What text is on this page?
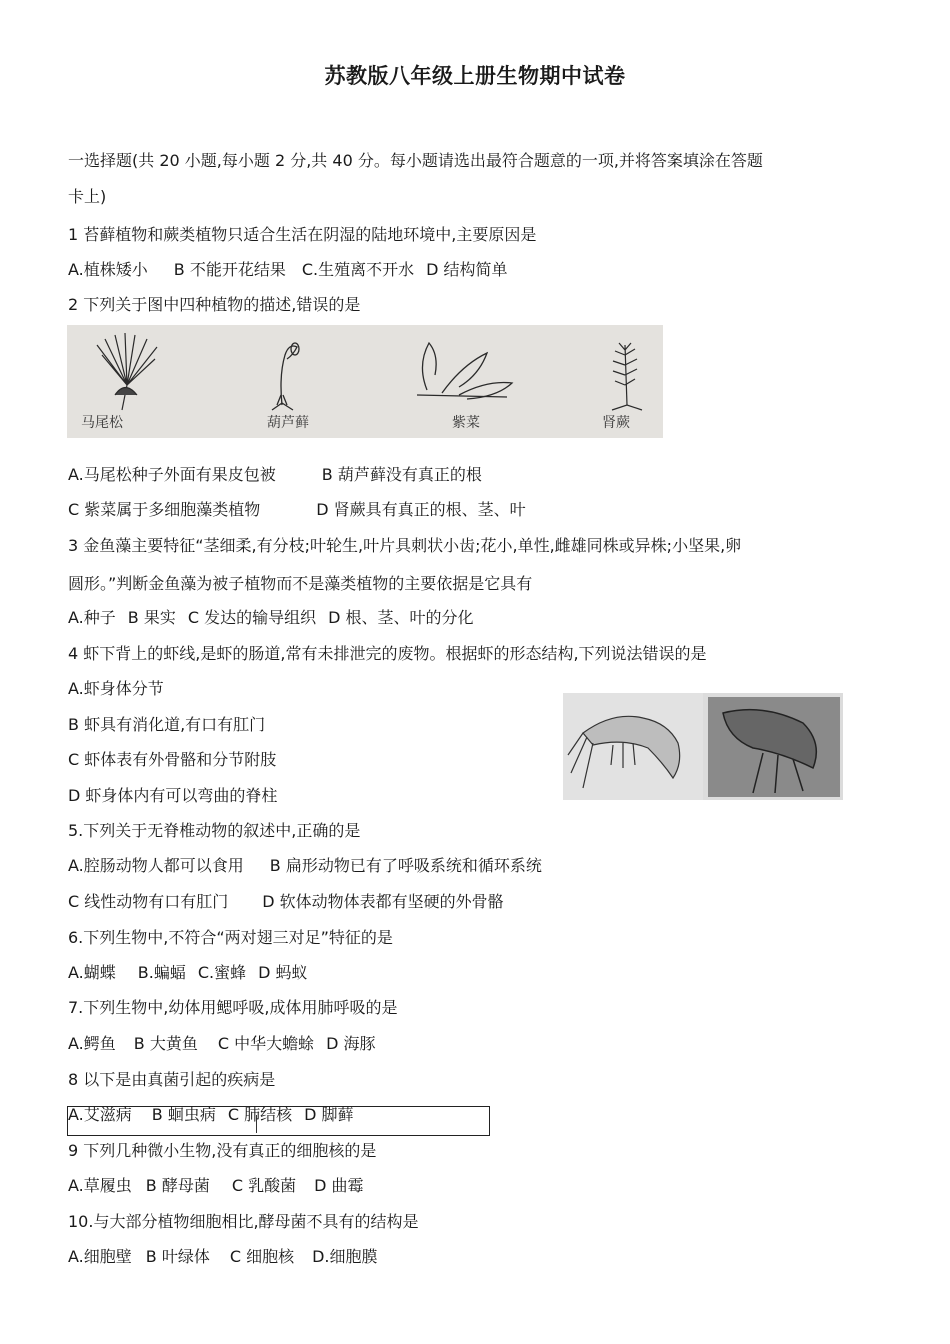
苏教版八年级上册生物期中试卷
一选择题(共 20 小题,每小题 2 分,共 40 分。每小题请选出最符合题意的一项,并将答案填涂在答题
卡上)
1 苔藓植物和蕨类植物只适合生活在阴湿的陆地环境中,主要原因是
A.植株矮小 B 不能开花结果 C.生殖离不开水 D 结构简单
2 下列关于图中四种植物的描述,错误的是
马尾松	葫芦藓	紫菜	肾蕨
A.马尾松种子外面有果皮包被	B 葫芦藓没有真正的根
C 紫菜属于多细胞藻类植物	D 肾蕨具有真正的根、茎、叶
3 金鱼藻主要特征“茎细柔,有分枝;叶轮生,叶片具刺状小齿;花小,单性,雌雄同株或异株;小坚果,卵
圆形。”判断金鱼藻为被子植物而不是藻类植物的主要依据是它具有
A.种子 B 果实 C 发达的输导组织 D 根、茎、叶的分化
4 虾下背上的虾线,是虾的肠道,常有未排泄完的废物。根据虾的形态结构,下列说法错误的是
A.虾身体分节
B 虾具有消化道,有口有肛门
C 虾体表有外骨骼和分节附肢
D 虾身体内有可以弯曲的脊柱
5.下列关于无脊椎动物的叙述中,正确的是
A.腔肠动物人都可以食用 B 扁形动物已有了呼吸系统和循环系统
C 线性动物有口有肛门 D 软体动物体表都有坚硬的外骨骼
6.下列生物中,不符合“两对翅三对足”特征的是
A.蝴蝶 B.蝙蝠 C.蜜蜂 D 蚂蚁
7.下列生物中,幼体用鳃呼吸,成体用肺呼吸的是
A.鳄鱼 B 大黄鱼 C 中华大蟾蜍 D 海豚
8 以下是由真菌引起的疾病是
A.艾滋病 B 蛔虫病 C 肺结核 D 脚藓
9 下列几种微小生物,没有真正的细胞核的是
A.草履虫 B 酵母菌 C 乳酸菌 D 曲霉
10.与大部分植物细胞相比,酵母菌不具有的结构是
A.细胞壁 B 叶绿体 C 细胞核 D.细胞膜
